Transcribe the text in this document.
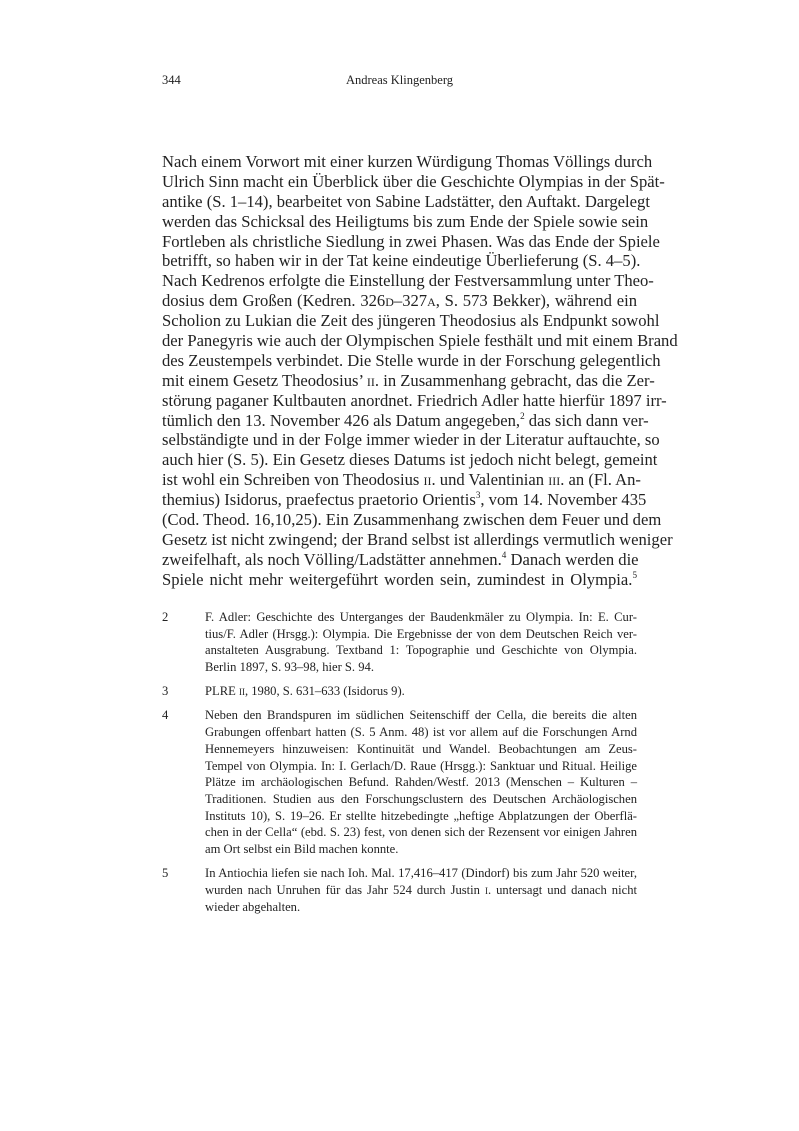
344	Andreas Klingenberg
Nach einem Vorwort mit einer kurzen Würdigung Thomas Völlings durch
Ulrich Sinn macht ein Überblick über die Geschichte Olympias in der Spät-
antike (S. 1–14), bearbeitet von Sabine Ladstätter, den Auftakt. Dargelegt
werden das Schicksal des Heiligtums bis zum Ende der Spiele sowie sein
Fortleben als christliche Siedlung in zwei Phasen. Was das Ende der Spiele
betrifft, so haben wir in der Tat keine eindeutige Überlieferung (S. 4–5).
Nach Kedrenos erfolgte die Einstellung der Festversammlung unter Theo-
dosius dem Großen (Kedren. 326d–327a, S. 573 Bekker), während ein
Scholion zu Lukian die Zeit des jüngeren Theodosius als Endpunkt sowohl
der Panegyris wie auch der Olympischen Spiele festhält und mit einem Brand
des Zeustempels verbindet. Die Stelle wurde in der Forschung gelegentlich
mit einem Gesetz Theodosius’ ii. in Zusammenhang gebracht, das die Zer-
störung paganer Kultbauten anordnet. Friedrich Adler hatte hierfür 1897 irr-
tümlich den 13. November 426 als Datum angegeben,$^2$ das sich dann ver-
selbständigte und in der Folge immer wieder in der Literatur auftauchte, so
auch hier (S. 5). Ein Gesetz dieses Datums ist jedoch nicht belegt, gemeint
ist wohl ein Schreiben von Theodosius ii. und Valentinian iii. an (Fl. An-
themius) Isidorus, praefectus praetorio Orientis$^3$, vom 14. November 435
(Cod. Theod. 16,10,25). Ein Zusammenhang zwischen dem Feuer und dem
Gesetz ist nicht zwingend; der Brand selbst ist allerdings vermutlich weniger
zweifelhaft, als noch Völling/Ladstätter annehmen.$^4$ Danach werden die
Spiele nicht mehr weitergeführt worden sein, zumindest in Olympia.$^5$
2	F. Adler: Geschichte des Unterganges der Baudenkmäler zu Olympia. In: E. Cur-
tius/F. Adler (Hrsgg.): Olympia. Die Ergebnisse der von dem Deutschen Reich ver-
anstalteten Ausgrabung. Textband 1: Topographie und Geschichte von Olympia.
Berlin 1897, S. 93–98, hier S. 94.
3	PLRE ii, 1980, S. 631–633 (Isidorus 9).
4	Neben den Brandspuren im südlichen Seitenschiff der Cella, die bereits die alten
Grabungen offenbart hatten (S. 5 Anm. 48) ist vor allem auf die Forschungen Arnd
Hennemeyers hinzuweisen: Kontinuität und Wandel. Beobachtungen am Zeus-
Tempel von Olympia. In: I. Gerlach/D. Raue (Hrsgg.): Sanktuar und Ritual. Heilige
Plätze im archäologischen Befund. Rahden/Westf. 2013 (Menschen – Kulturen –
Traditionen. Studien aus den Forschungsclustern des Deutschen Archäologischen
Instituts 10), S. 19–26. Er stellte hitzebedingte „heftige Abplatzungen der Oberflä-
chen in der Cella“ (ebd. S. 23) fest, von denen sich der Rezensent vor einigen Jahren
am Ort selbst ein Bild machen konnte.
5	In Antiochia liefen sie nach Ioh. Mal. 17,416–417 (Dindorf) bis zum Jahr 520 weiter,
wurden nach Unruhen für das Jahr 524 durch Justin i. untersagt und danach nicht
wieder abgehalten.
